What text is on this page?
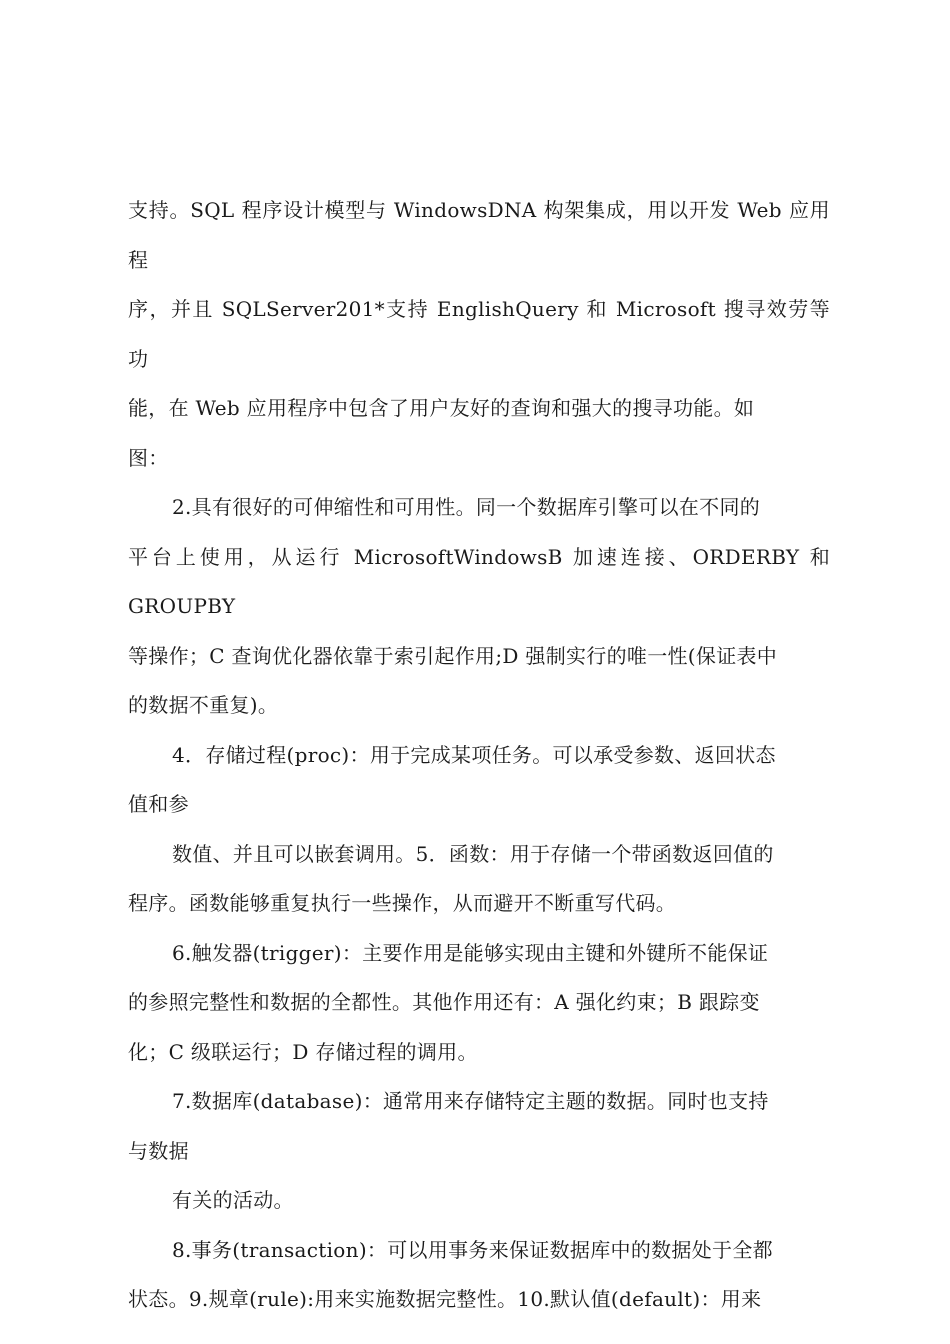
支持。SQL 程序设计模型与 WindowsDNA 构架集成，用以开发 Web 应用程
序，并且 SQLServer201*支持 EnglishQuery 和 Microsoft 搜寻效劳等功
能，在 Web 应用程序中包含了用户友好的查询和强大的搜寻功能。如
图：
2.具有很好的可伸缩性和可用性。同一个数据库引擎可以在不同的
平台上使用，从运行 MicrosoftWindowsB 加速连接、ORDERBY 和 GROUPBY
等操作；C 查询优化器依靠于索引起作用;D 强制实行的唯一性(保证表中
的数据不重复)。
4．存储过程(proc)：用于完成某项任务。可以承受参数、返回状态
值和参
数值、并且可以嵌套调用。5．函数：用于存储一个带函数返回值的
程序。函数能够重复执行一些操作，从而避开不断重写代码。
6.触发器(trigger)：主要作用是能够实现由主键和外键所不能保证
的参照完整性和数据的全都性。其他作用还有：A 强化约束；B 跟踪变
化；C 级联运行；D 存储过程的调用。
7.数据库(database)：通常用来存储特定主题的数据。同时也支持
与数据
有关的活动。
8.事务(transaction)：可以用事务来保证数据库中的数据处于全都
状态。9.规章(rule):用来实施数据完整性。10.默认值(default)：用来
